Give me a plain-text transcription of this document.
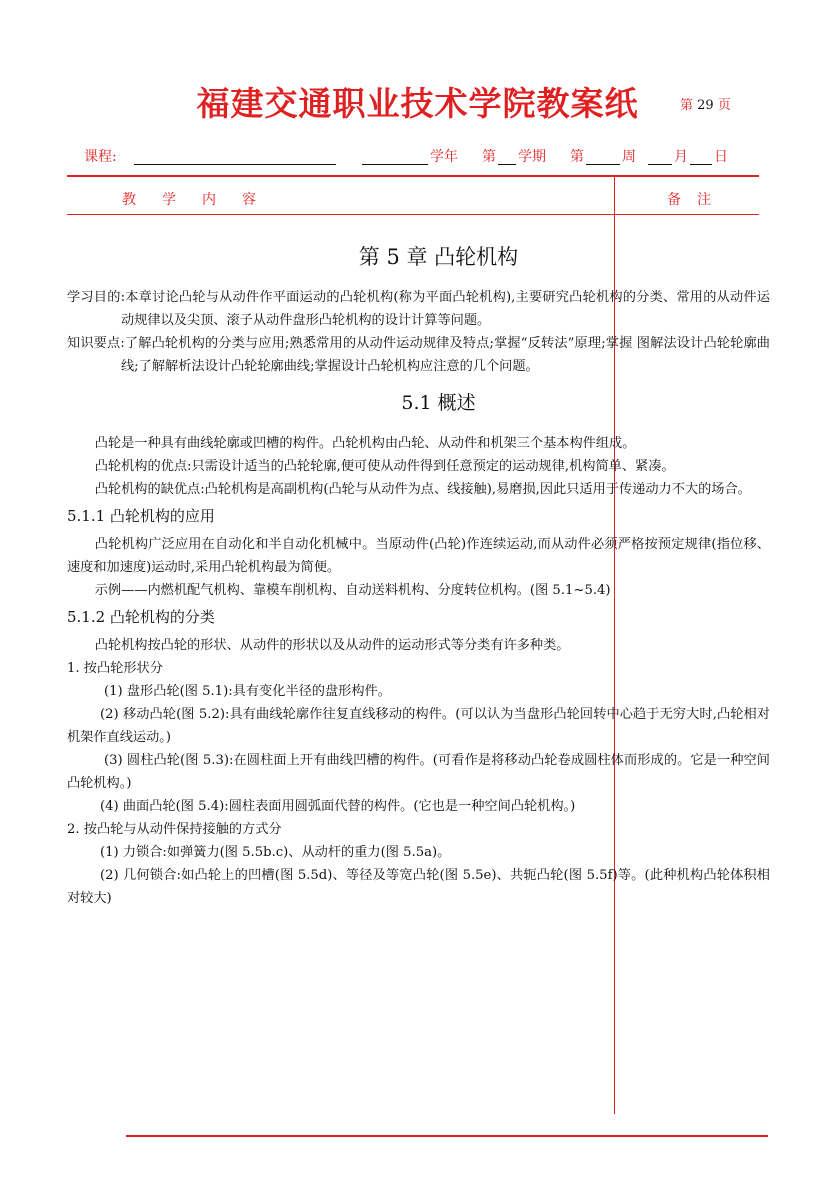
福建交通职业技术学院教案纸	第 29 页
课程:	学年 第 学期 第	周	月 日
教学内容	备注
第 5 章 凸轮机构

学习目的:本章讨论凸轮与从动件作平面运动的凸轮机构(称为平面凸轮机构),主要研究凸轮机构的分类、常用的从动件运动规律以及尖顶、滚子从动件盘形凸轮机构的设计计算等问题。

知识要点:了解凸轮机构的分类与应用;熟悉常用的从动件运动规律及特点;掌握“反转法”原理;掌握 图解法设计凸轮轮廓曲线;了解解析法设计凸轮轮廓曲线;掌握设计凸轮机构应注意的几个问题。

5.1 概述

凸轮是一种具有曲线轮廓或凹槽的构件。凸轮机构由凸轮、从动件和机架三个基本构件组成。

凸轮机构的优点:只需设计适当的凸轮轮廓,便可使从动件得到任意预定的运动规律,机构简单、紧凑。

凸轮机构的缺优点:凸轮机构是高副机构(凸轮与从动件为点、线接触),易磨损,因此只适用于传递动力不大的场合。

5.1.1 凸轮机构的应用

凸轮机构广泛应用在自动化和半自动化机械中。当原动件(凸轮)作连续运动,而从动件必须严格按预定规律(指位移、速度和加速度)运动时,采用凸轮机构最为简便。

示例——内燃机配气机构、靠模车削机构、自动送料机构、分度转位机构。(图 5.1~5.4)

5.1.2 凸轮机构的分类

凸轮机构按凸轮的形状、从动件的形状以及从动件的运动形式等分类有许多种类。

1. 按凸轮形状分

(1) 盘形凸轮(图 5.1):具有变化半径的盘形构件。

(2) 移动凸轮(图 5.2):具有曲线轮廓作往复直线移动的构件。(可以认为当盘形凸轮回转中心趋于无穷大时,凸轮相对机架作直线运动。)

(3) 圆柱凸轮(图 5.3):在圆柱面上开有曲线凹槽的构件。(可看作是将移动凸轮卷成圆柱体而形成的。它是一种空间凸轮机构。)

(4) 曲面凸轮(图 5.4):圆柱表面用圆弧面代替的构件。(它也是一种空间凸轮机构。)

2. 按凸轮与从动件保持接触的方式分

(1) 力锁合:如弹簧力(图 5.5b.c)、从动杆的重力(图 5.5a)。

(2) 几何锁合:如凸轮上的凹槽(图 5.5d)、等径及等宽凸轮(图 5.5e)、共轭凸轮(图 5.5f)等。(此种机构凸轮体积相对较大)
